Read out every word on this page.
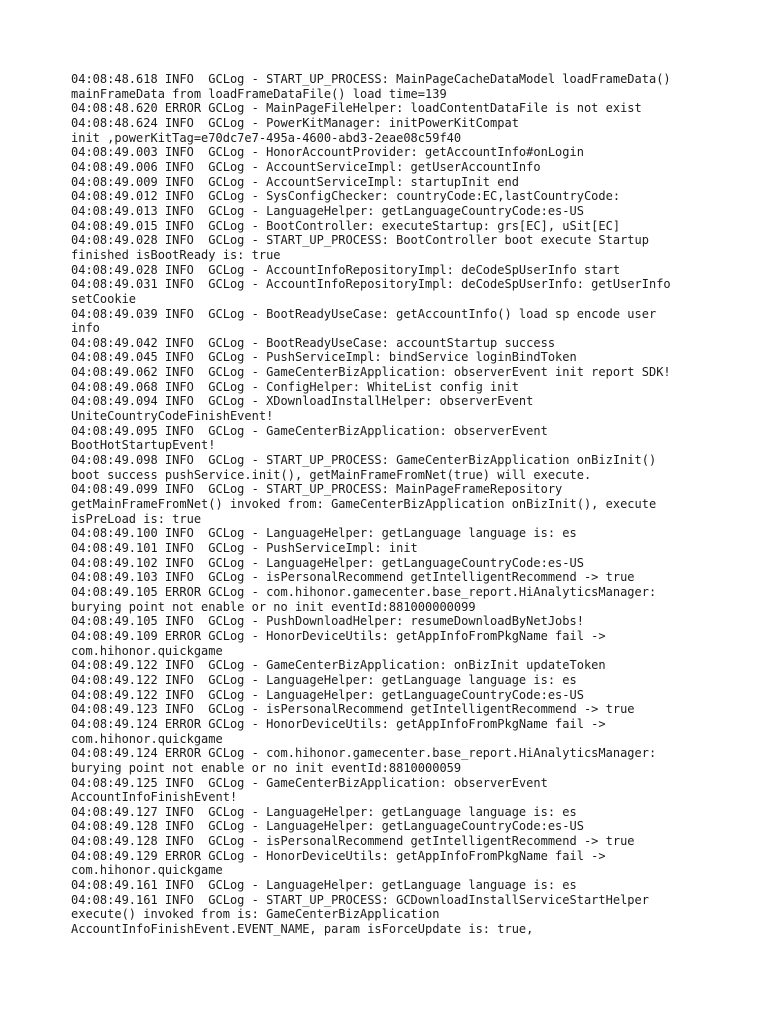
04:08:48.618 INFO  GCLog - START_UP_PROCESS: MainPageCacheDataModel loadFrameData()
mainFrameData from loadFrameDataFile() load time=139
04:08:48.620 ERROR GCLog - MainPageFileHelper: loadContentDataFile is not exist
04:08:48.624 INFO  GCLog - PowerKitManager: initPowerKitCompat
init ,powerKitTag=e70dc7e7-495a-4600-abd3-2eae08c59f40
04:08:49.003 INFO  GCLog - HonorAccountProvider: getAccountInfo#onLogin
04:08:49.006 INFO  GCLog - AccountServiceImpl: getUserAccountInfo
04:08:49.009 INFO  GCLog - AccountServiceImpl: startupInit end
04:08:49.012 INFO  GCLog - SysConfigChecker: countryCode:EC,lastCountryCode:
04:08:49.013 INFO  GCLog - LanguageHelper: getLanguageCountryCode:es-US
04:08:49.015 INFO  GCLog - BootController: executeStartup: grs[EC], uSit[EC]
04:08:49.028 INFO  GCLog - START_UP_PROCESS: BootController boot execute Startup
finished isBootReady is: true
04:08:49.028 INFO  GCLog - AccountInfoRepositoryImpl: deCodeSpUserInfo start
04:08:49.031 INFO  GCLog - AccountInfoRepositoryImpl: deCodeSpUserInfo: getUserInfo
setCookie
04:08:49.039 INFO  GCLog - BootReadyUseCase: getAccountInfo() load sp encode user
info
04:08:49.042 INFO  GCLog - BootReadyUseCase: accountStartup success
04:08:49.045 INFO  GCLog - PushServiceImpl: bindService loginBindToken
04:08:49.062 INFO  GCLog - GameCenterBizApplication: observerEvent init report SDK!
04:08:49.068 INFO  GCLog - ConfigHelper: WhiteList config init
04:08:49.094 INFO  GCLog - XDownloadInstallHelper: observerEvent
UniteCountryCodeFinishEvent!
04:08:49.095 INFO  GCLog - GameCenterBizApplication: observerEvent
BootHotStartupEvent!
04:08:49.098 INFO  GCLog - START_UP_PROCESS: GameCenterBizApplication onBizInit()
boot success pushService.init(), getMainFrameFromNet(true) will execute.
04:08:49.099 INFO  GCLog - START_UP_PROCESS: MainPageFrameRepository
getMainFrameFromNet() invoked from: GameCenterBizApplication onBizInit(), execute
isPreLoad is: true
04:08:49.100 INFO  GCLog - LanguageHelper: getLanguage language is: es
04:08:49.101 INFO  GCLog - PushServiceImpl: init
04:08:49.102 INFO  GCLog - LanguageHelper: getLanguageCountryCode:es-US
04:08:49.103 INFO  GCLog - isPersonalRecommend getIntelligentRecommend -> true
04:08:49.105 ERROR GCLog - com.hihonor.gamecenter.base_report.HiAnalyticsManager:
burying point not enable or no init eventId:881000000099
04:08:49.105 INFO  GCLog - PushDownloadHelper: resumeDownloadByNetJobs!
04:08:49.109 ERROR GCLog - HonorDeviceUtils: getAppInfoFromPkgName fail ->
com.hihonor.quickgame
04:08:49.122 INFO  GCLog - GameCenterBizApplication: onBizInit updateToken
04:08:49.122 INFO  GCLog - LanguageHelper: getLanguage language is: es
04:08:49.122 INFO  GCLog - LanguageHelper: getLanguageCountryCode:es-US
04:08:49.123 INFO  GCLog - isPersonalRecommend getIntelligentRecommend -> true
04:08:49.124 ERROR GCLog - HonorDeviceUtils: getAppInfoFromPkgName fail ->
com.hihonor.quickgame
04:08:49.124 ERROR GCLog - com.hihonor.gamecenter.base_report.HiAnalyticsManager:
burying point not enable or no init eventId:8810000059
04:08:49.125 INFO  GCLog - GameCenterBizApplication: observerEvent
AccountInfoFinishEvent!
04:08:49.127 INFO  GCLog - LanguageHelper: getLanguage language is: es
04:08:49.128 INFO  GCLog - LanguageHelper: getLanguageCountryCode:es-US
04:08:49.128 INFO  GCLog - isPersonalRecommend getIntelligentRecommend -> true
04:08:49.129 ERROR GCLog - HonorDeviceUtils: getAppInfoFromPkgName fail ->
com.hihonor.quickgame
04:08:49.161 INFO  GCLog - LanguageHelper: getLanguage language is: es
04:08:49.161 INFO  GCLog - START_UP_PROCESS: GCDownloadInstallServiceStartHelper
execute() invoked from is: GameCenterBizApplication
AccountInfoFinishEvent.EVENT_NAME, param isForceUpdate is: true,
